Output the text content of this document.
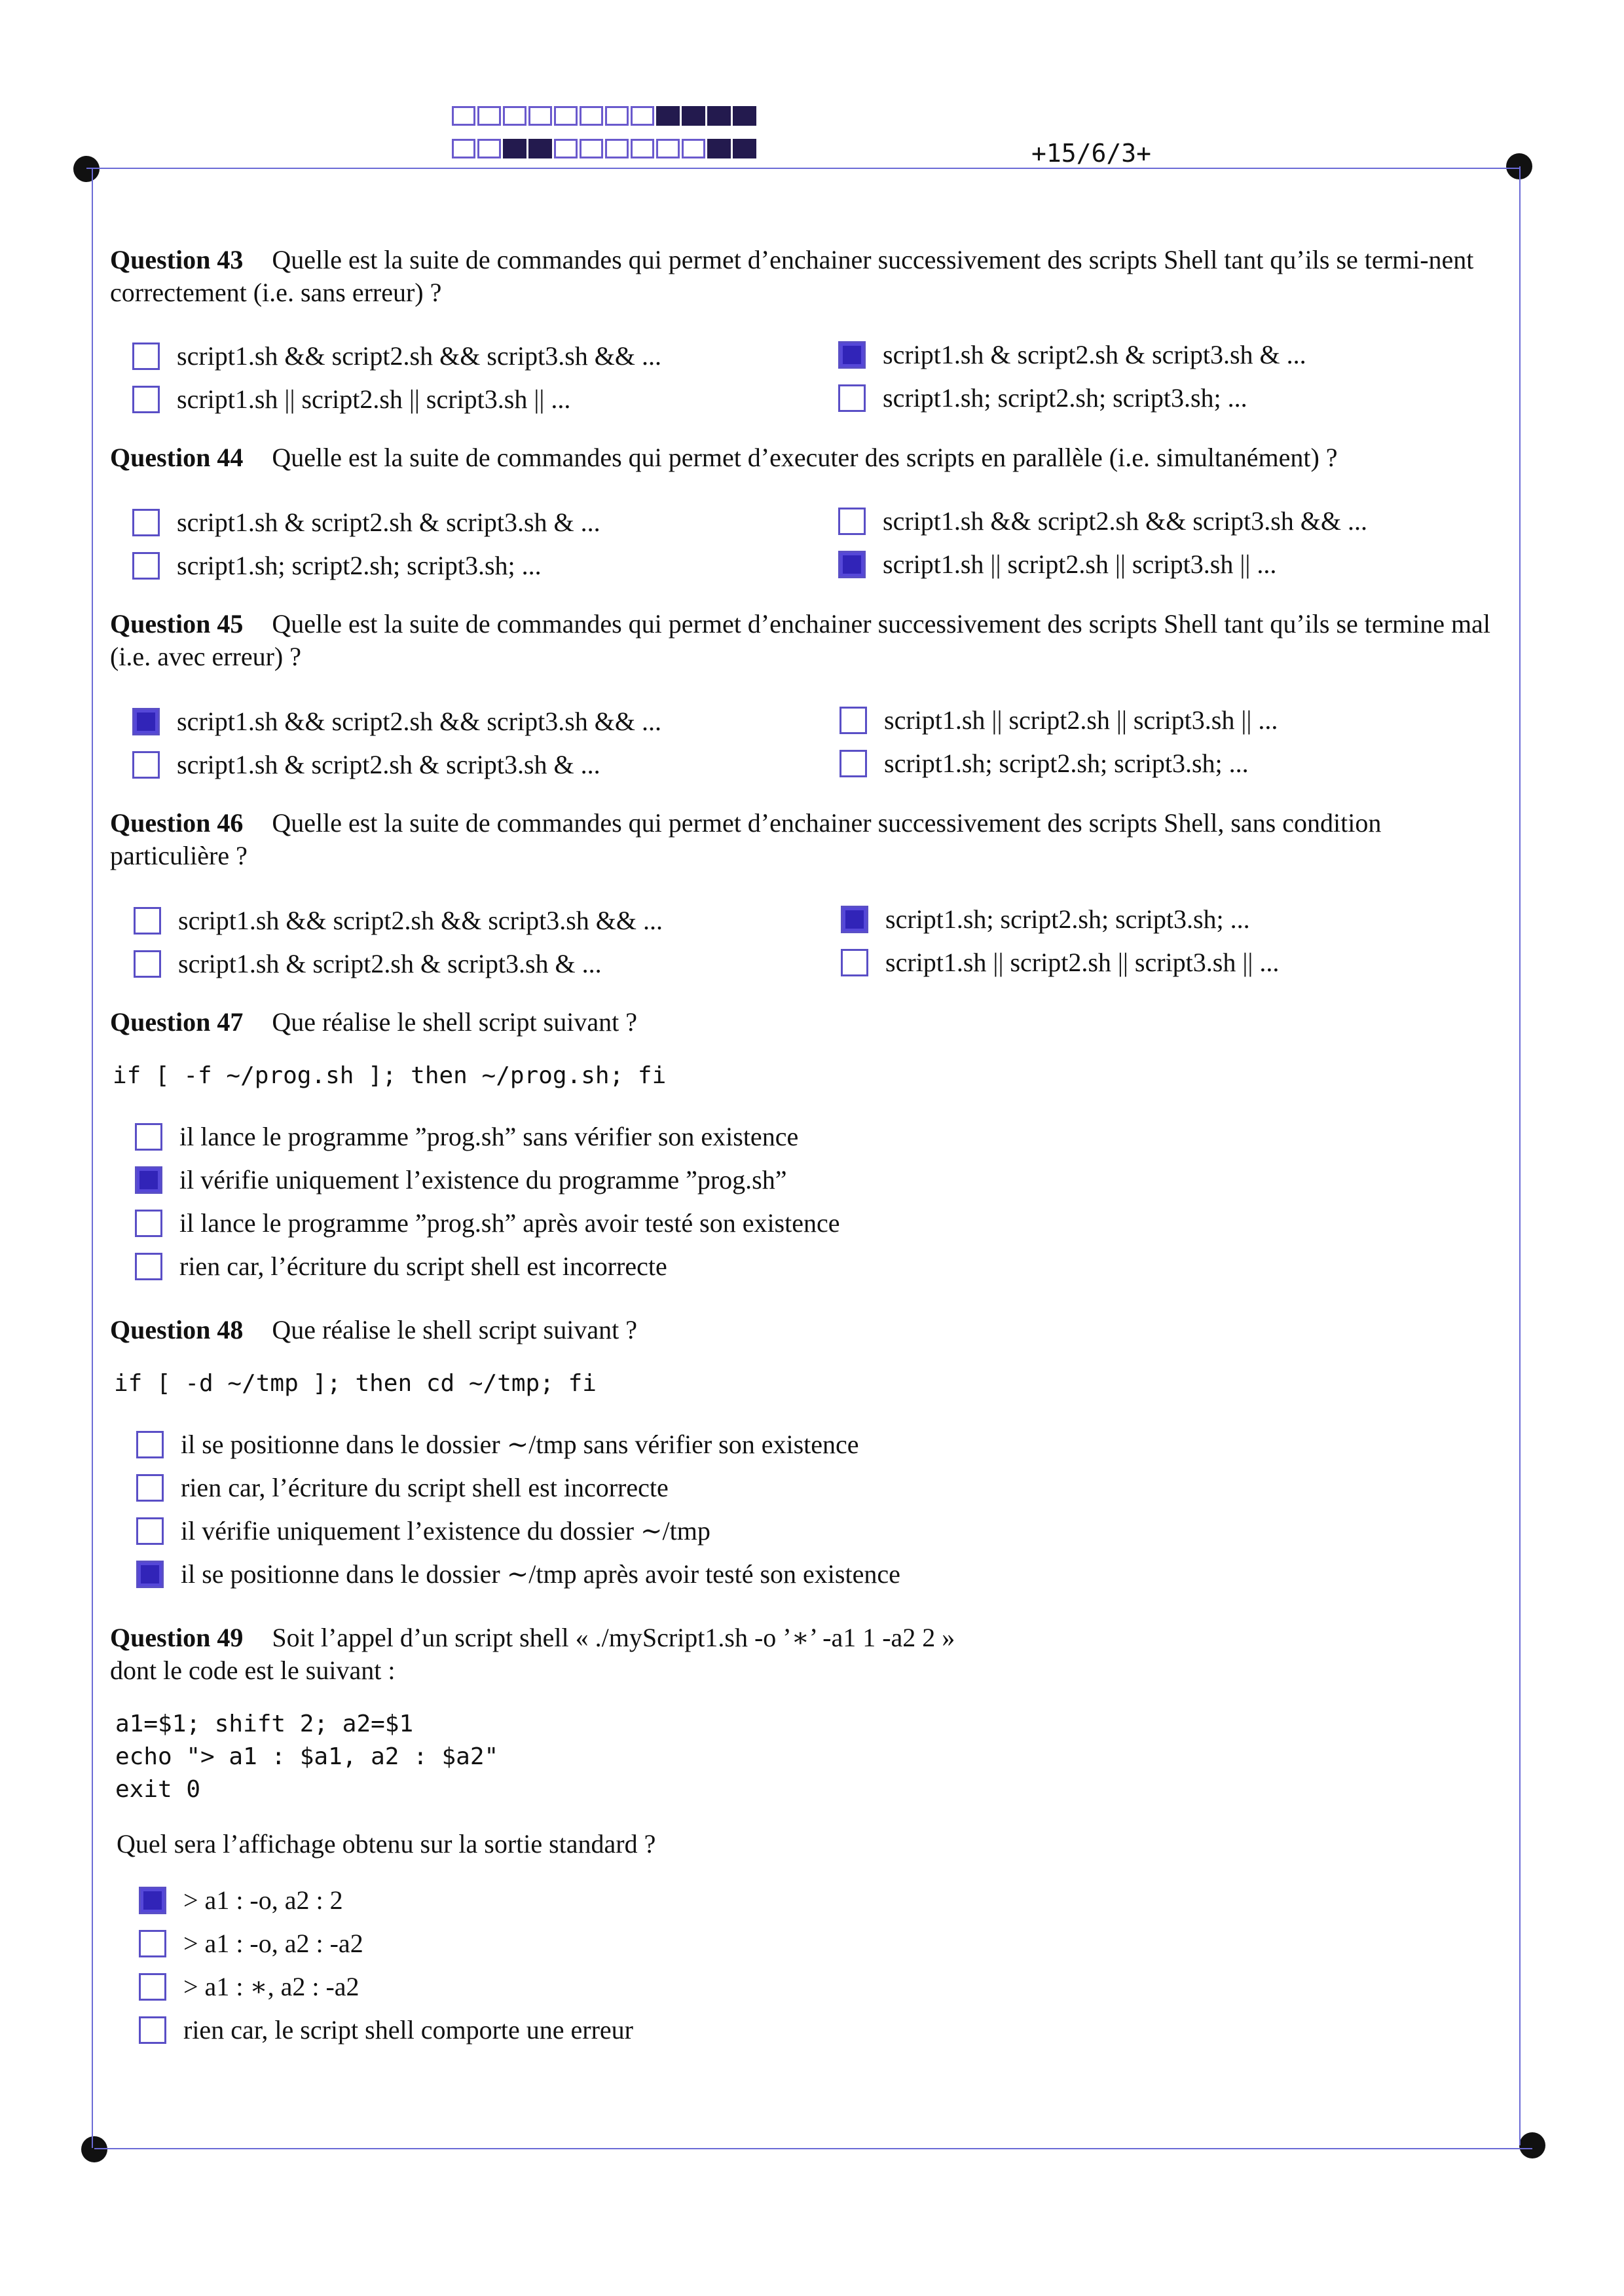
+15/6/3+
Question 43 Quelle est la suite de commandes qui permet d’enchainer successivement des scripts Shell tant qu’ils se termi-nent correctement (i.e. sans erreur) ?
script1.sh && script2.sh && script3.sh && ...	script1.sh & script2.sh & script3.sh & ...
script1.sh || script2.sh || script3.sh || ...	script1.sh; script2.sh; script3.sh; ...
Question 44 Quelle est la suite de commandes qui permet d’executer des scripts en parallèle (i.e. simultanément) ?
script1.sh & script2.sh & script3.sh & ...	script1.sh && script2.sh && script3.sh && ...
script1.sh; script2.sh; script3.sh; ...	script1.sh || script2.sh || script3.sh || ...
Question 45 Quelle est la suite de commandes qui permet d’enchainer successivement des scripts Shell tant qu’ils se termine mal (i.e. avec erreur) ?
script1.sh && script2.sh && script3.sh && ...	script1.sh || script2.sh || script3.sh || ...
script1.sh & script2.sh & script3.sh & ...	script1.sh; script2.sh; script3.sh; ...
Question 46 Quelle est la suite de commandes qui permet d’enchainer successivement des scripts Shell, sans condition particulière ?
script1.sh && script2.sh && script3.sh && ...	script1.sh; script2.sh; script3.sh; ...
script1.sh & script2.sh & script3.sh & ...	script1.sh || script2.sh || script3.sh || ...
Question 47 Que réalise le shell script suivant ?
if [ -f ~/prog.sh ]; then ~/prog.sh; fi
il lance le programme ”prog.sh” sans vérifier son existence
il vérifie uniquement l’existence du programme ”prog.sh”
il lance le programme ”prog.sh” après avoir testé son existence
rien car, l’écriture du script shell est incorrecte
Question 48 Que réalise le shell script suivant ?
if [ -d ~/tmp ]; then cd ~/tmp; fi
il se positionne dans le dossier ∼/tmp sans vérifier son existence
rien car, l’écriture du script shell est incorrecte
il vérifie uniquement l’existence du dossier ∼/tmp
il se positionne dans le dossier ∼/tmp après avoir testé son existence
Question 49 Soit l’appel d’un script shell « ./myScript1.sh -o ’∗’ -a1 1 -a2 2 »
dont le code est le suivant :
a1=$1; shift 2; a2=$1
echo "> a1 : $a1, a2 : $a2"
exit 0
Quel sera l’affichage obtenu sur la sortie standard ?
> a1 : -o, a2 : 2
> a1 : -o, a2 : -a2
> a1 : ∗, a2 : -a2
rien car, le script shell comporte une erreur
